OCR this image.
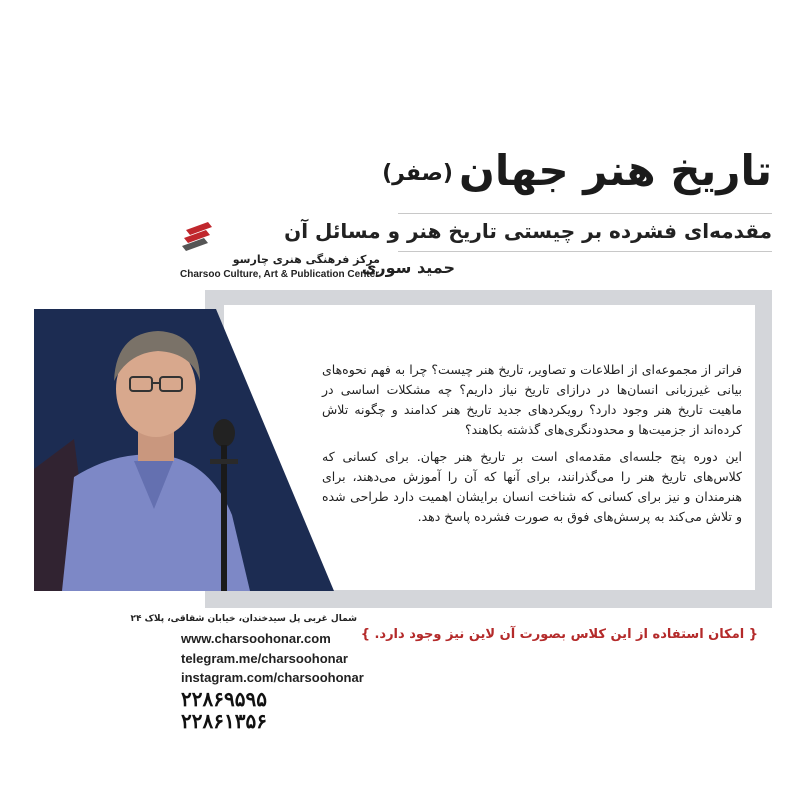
تاریخ هنر جهان
(صفر)
مقدمه‌ای فشرده بر چیستی تاریخ هنر و مسائل آن
حمید سوری
مرکز فرهنگی هنری چارسو
Charsoo Culture, Art & Publication Center
فراتر از مجموعه‌ای از اطلاعات و تصاویر، تاریخ هنر چیست؟ چرا به فهم نحوه‌های بیانی غیرزبانی انسان‌ها در درازای تاریخ نیاز داریم؟ چه مشکلات اساسی در ماهیت تاریخ هنر وجود دارد؟ رویکردهای جدید تاریخ هنر کدامند و چگونه تلاش کرده‌اند از جزمیت‌ها و محدودنگری‌های گذشته بکاهند؟
این دوره پنج جلسه‌ای مقدمه‌ای است بر تاریخ هنر جهان. برای کسانی که کلاس‌های تاریخ هنر را می‌گذرانند، برای آنها که آن را آموزش می‌دهند، برای هنرمندان و نیز برای کسانی که شناخت انسان برایشان اهمیت دارد طراحی شده و تلاش می‌کند به پرسش‌های فوق به صورت فشرده پاسخ دهد.
شمال غربی پل سیدخندان، خیابان شقاقی، پلاک ۲۴
www.charsoohonar.com
telegram.me/charsoohonar
instagram.com/charsoohonar
۲۲۸۶۹۵۹۵
۲۲۸۶۱۳۵۶
{ امکان استفاده از این کلاس بصورت آن لاین نیز وجود دارد. }
